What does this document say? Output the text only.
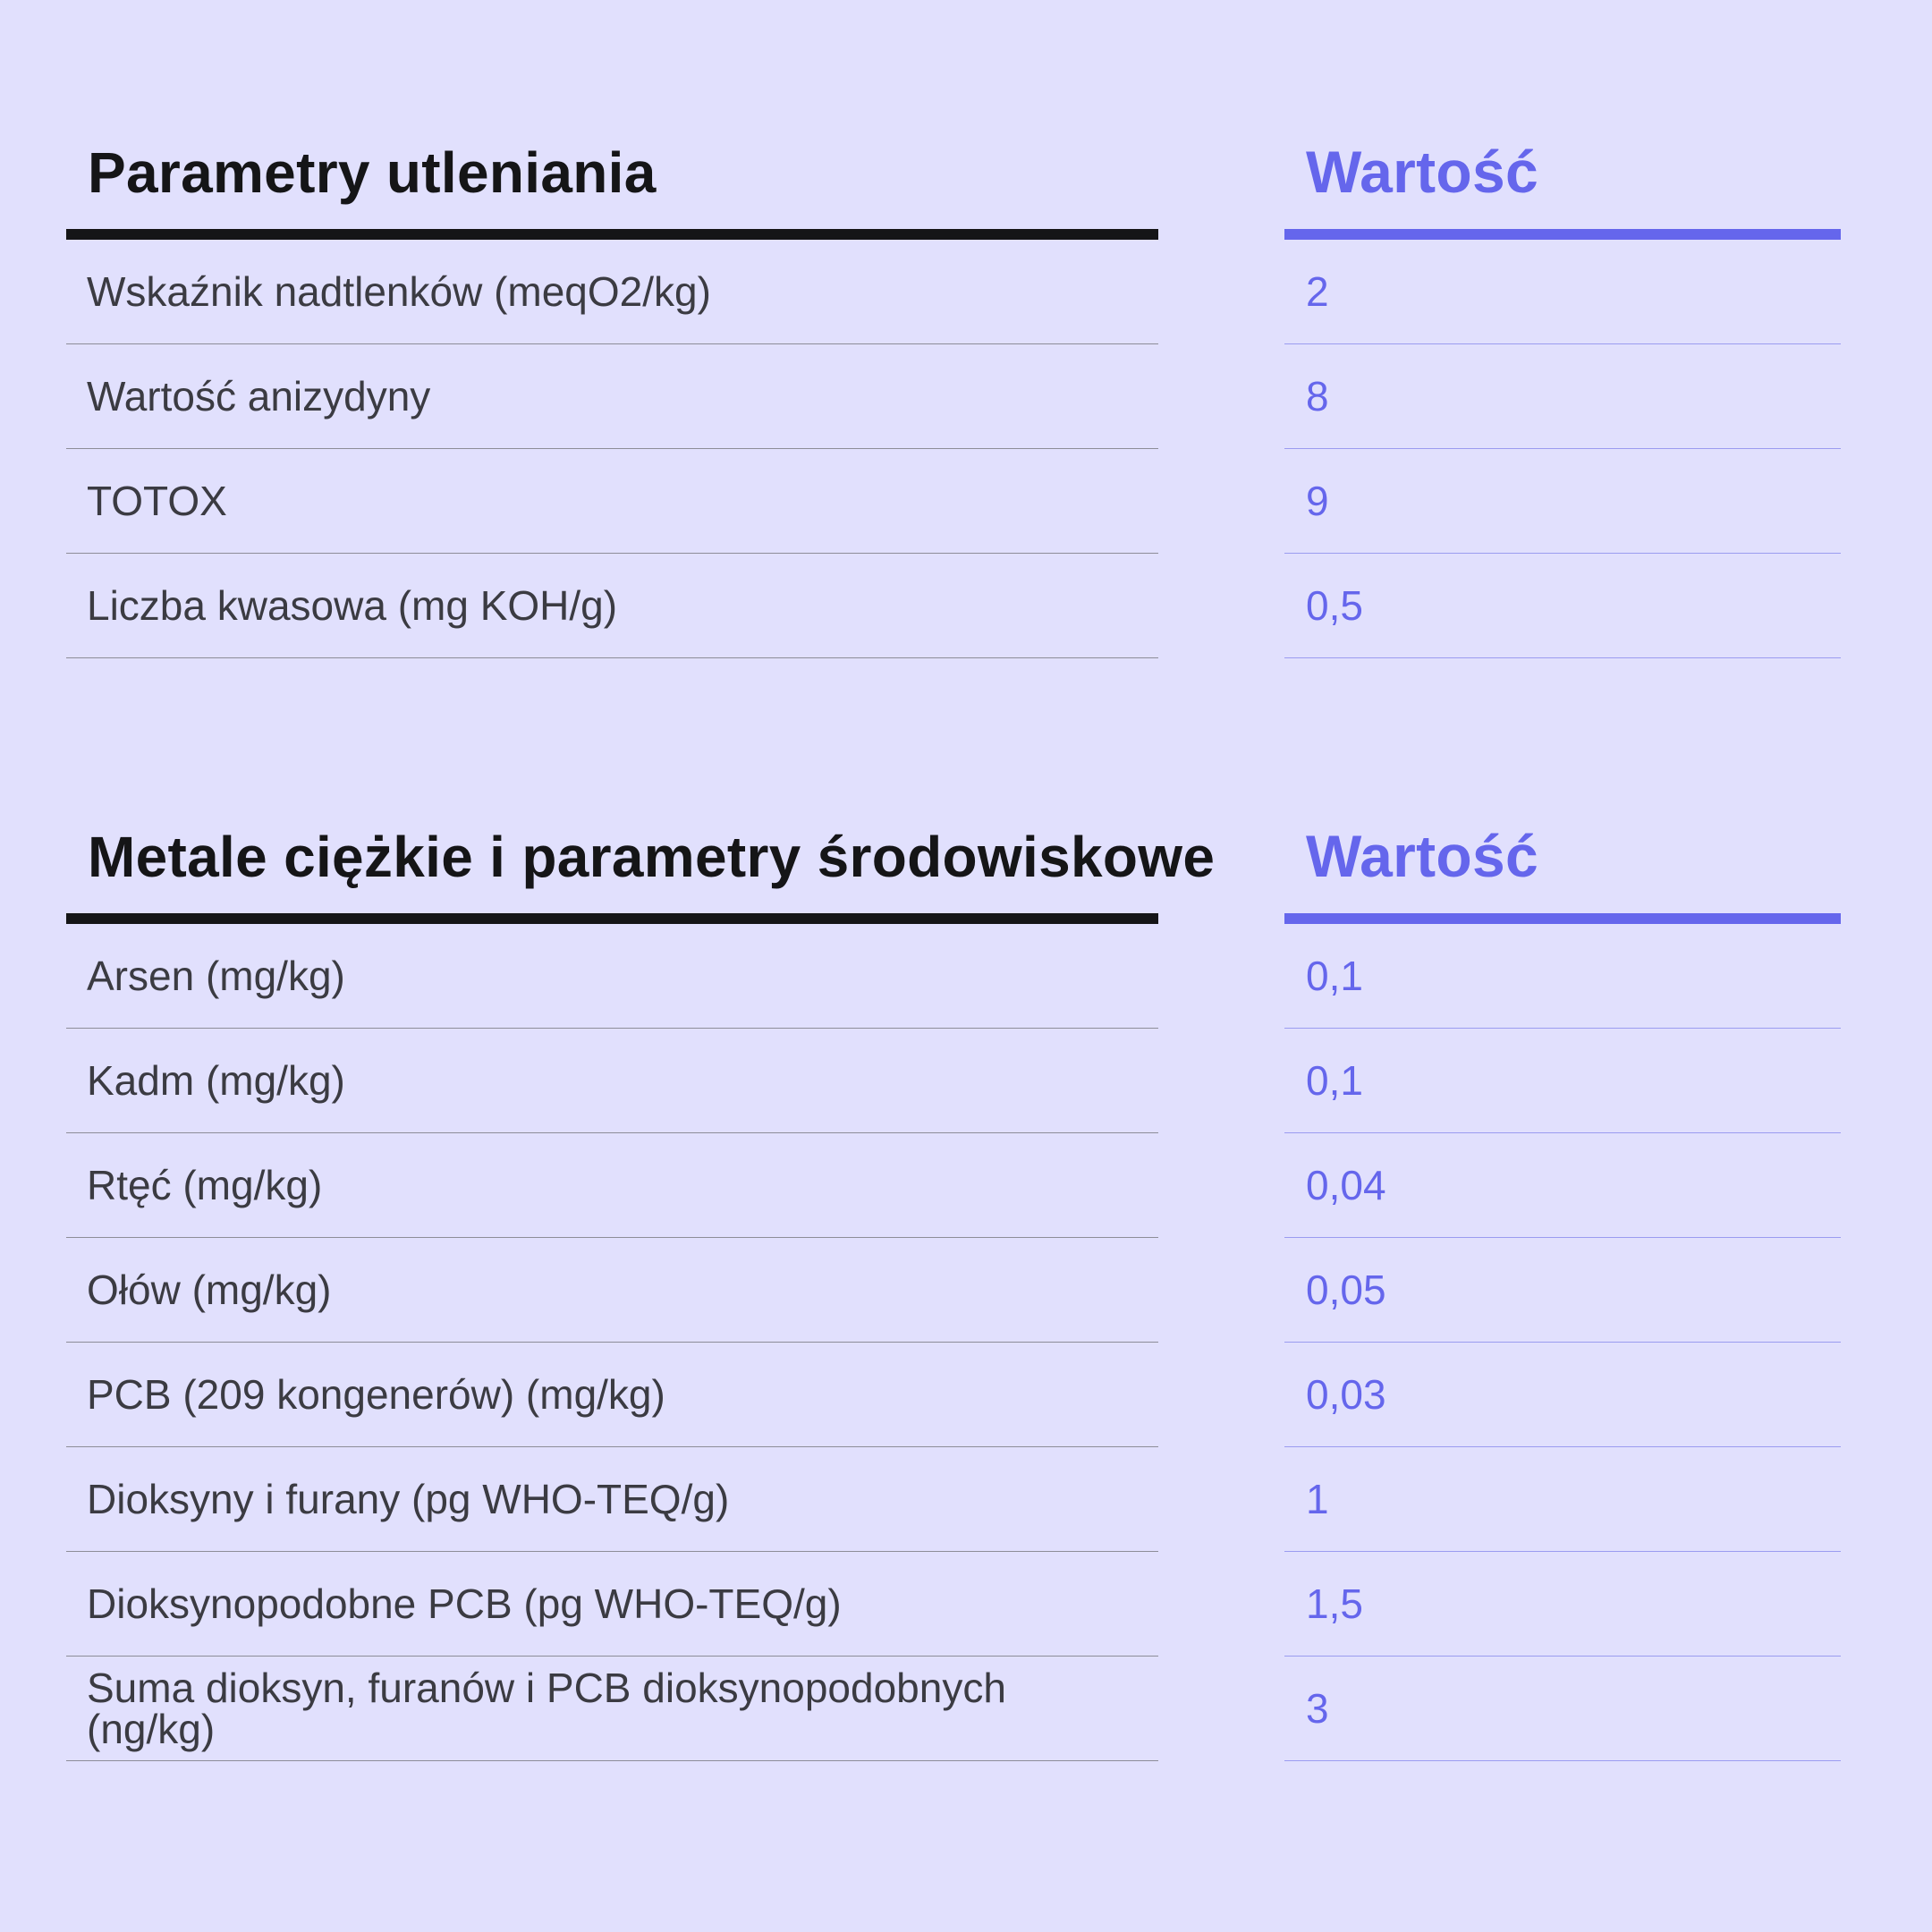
Parametry utleniania
Wskaźnik nadtlenków (meqO2/kg)
Wartość anizydyny
TOTOX
Liczba kwasowa (mg KOH/g)
Wartość
2
8
9
0,5
Metale ciężkie i parametry środowiskowe
Arsen (mg/kg)
Kadm (mg/kg)
Rtęć (mg/kg)
Ołów (mg/kg)
PCB (209 kongenerów) (mg/kg)
Dioksyny i furany (pg WHO-TEQ/g)
Dioksynopodobne PCB (pg WHO-TEQ/g)
Suma dioksyn, furanów i PCB dioksynopodobnych (ng/kg)
Wartość
0,1
0,1
0,04
0,05
0,03
1
1,5
3
